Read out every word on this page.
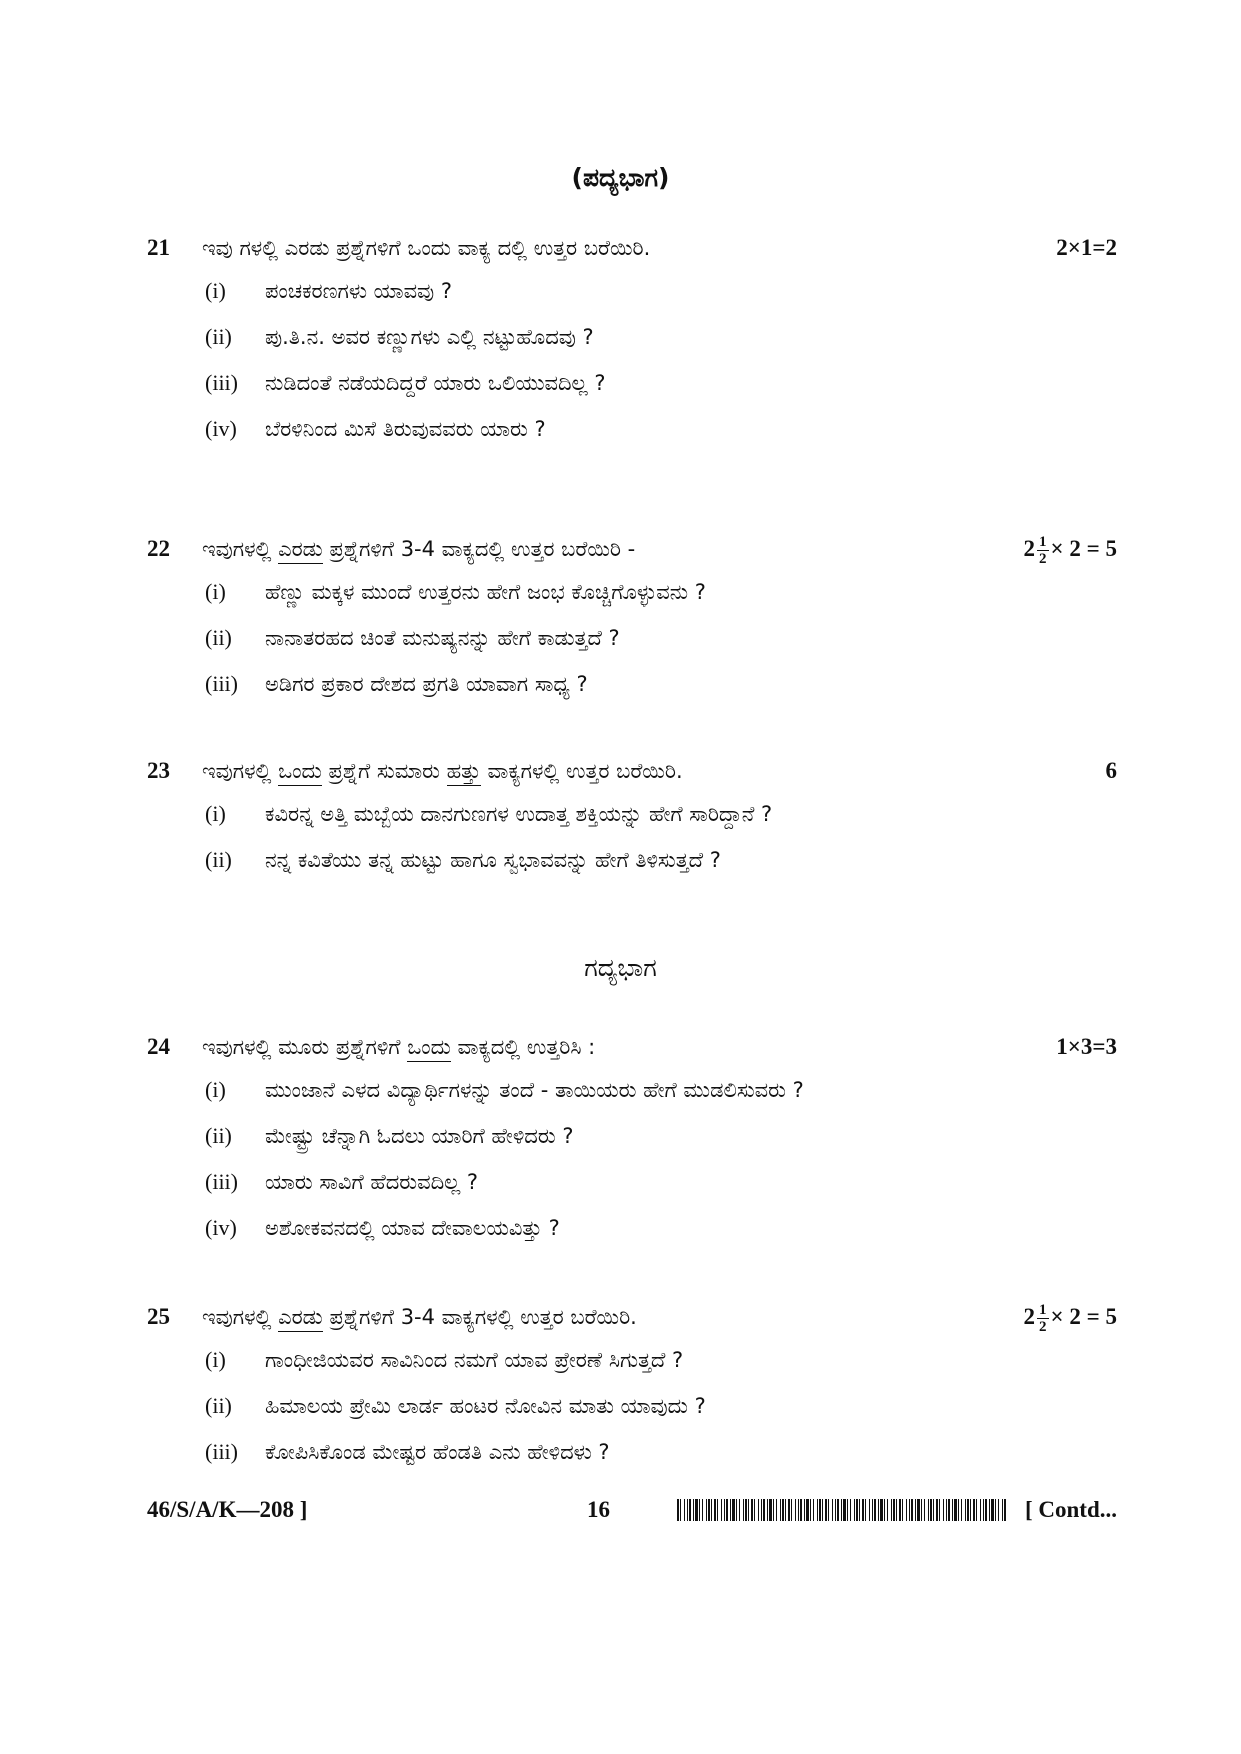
(ಪದ್ಯಭಾಗ)
21 ಇವು ಗಳಲ್ಲಿ ಎರಡು ಪ್ರಶ್ನೆಗಳಿಗೆ ಒಂದು ವಾಕ್ಯ ದಲ್ಲಿ ಉತ್ತರ ಬರೆಯಿರಿ.	2×1=2
(i) ಪಂಚಕರಣಗಳು ಯಾವವು ?
(ii) ಪು.ತಿ.ನ. ಅವರ ಕಣ್ಣುಗಳು ಎಲ್ಲಿ ನಟ್ಟುಹೊದವು ?
(iii) ನುಡಿದಂತೆ ನಡೆಯದಿದ್ದರೆ ಯಾರು ಒಲಿಯುವದಿಲ್ಲ ?
(iv) ಬೆರಳಿನಿಂದ ಮಿಸೆ ತಿರುವುವವರು ಯಾರು ?
22 ಇವುಗಳಲ್ಲಿ ಎರಡು ಪ್ರಶ್ನೆಗಳಿಗೆ 3-4 ವಾಕ್ಯದಲ್ಲಿ ಉತ್ತರ ಬರೆಯಿರಿ -	$2 \frac{1}{2} \times 2 = 5$
(i) ಹೆಣ್ಣು ಮಕ್ಕಳ ಮುಂದೆ ಉತ್ತರನು ಹೇಗೆ ಜಂಭ ಕೊಚ್ಚಿಗೊಳ್ಳುವನು ?
(ii) ನಾನಾತರಹದ ಚಿಂತೆ ಮನುಷ್ಯನನ್ನು ಹೇಗೆ ಕಾಡುತ್ತದೆ ?
(iii) ಅಡಿಗರ ಪ್ರಕಾರ ದೇಶದ ಪ್ರಗತಿ ಯಾವಾಗ ಸಾಧ್ಯ ?
23 ಇವುಗಳಲ್ಲಿ ಒಂದು ಪ್ರಶ್ನೆಗೆ ಸುಮಾರು ಹತ್ತು ವಾಕ್ಯಗಳಲ್ಲಿ ಉತ್ತರ ಬರೆಯಿರಿ.	6
(i) ಕವಿರನ್ನ ಅತ್ತಿ ಮಬ್ಬೆಯ ದಾನಗುಣಗಳ ಉದಾತ್ತ ಶಕ್ತಿಯನ್ನು ಹೇಗೆ ಸಾರಿದ್ದಾನೆ ?
(ii) ನನ್ನ ಕವಿತೆಯು ತನ್ನ ಹುಟ್ಟು ಹಾಗೂ ಸ್ವಭಾವವನ್ನು ಹೇಗೆ ತಿಳಿಸುತ್ತದೆ ?
ಗದ್ಯಭಾಗ
24 ಇವುಗಳಲ್ಲಿ ಮೂರು ಪ್ರಶ್ನೆಗಳಿಗೆ ಒಂದು ವಾಕ್ಯದಲ್ಲಿ ಉತ್ತರಿಸಿ :	1×3=3
(i) ಮುಂಜಾನೆ ಎಳದ ವಿದ್ಯಾರ್ಥಿಗಳನ್ನು ತಂದೆ - ತಾಯಿಯರು ಹೇಗೆ ಮುಡಲಿಸುವರು ?
(ii) ಮೇಷ್ಟ್ರು ಚೆನ್ನಾಗಿ ಓದಲು ಯಾರಿಗೆ ಹೇಳಿದರು ?
(iii) ಯಾರು ಸಾವಿಗೆ ಹೆದರುವದಿಲ್ಲ ?
(iv) ಅಶೋಕವನದಲ್ಲಿ ಯಾವ ದೇವಾಲಯವಿತ್ತು ?
25 ಇವುಗಳಲ್ಲಿ ಎರಡು ಪ್ರಶ್ನೆಗಳಿಗೆ 3-4 ವಾಕ್ಯಗಳಲ್ಲಿ ಉತ್ತರ ಬರೆಯಿರಿ.	$2 \frac{1}{2} \times 2 = 5$
(i) ಗಾಂಧೀಜಿಯವರ ಸಾವಿನಿಂದ ನಮಗೆ ಯಾವ ಪ್ರೇರಣೆ ಸಿಗುತ್ತದೆ ?
(ii) ಹಿಮಾಲಯ ಪ್ರೇಮಿ ಲಾರ್ಡ ಹಂಟರ ನೋವಿನ ಮಾತು ಯಾವುದು ?
(iii) ಕೋಪಿಸಿಕೊಂಡ ಮೇಷ್ಟರ ಹೆಂಡತಿ ಎನು ಹೇಳಿದಳು ?
46/S/A/K—208 ]	16	[ Contd...
